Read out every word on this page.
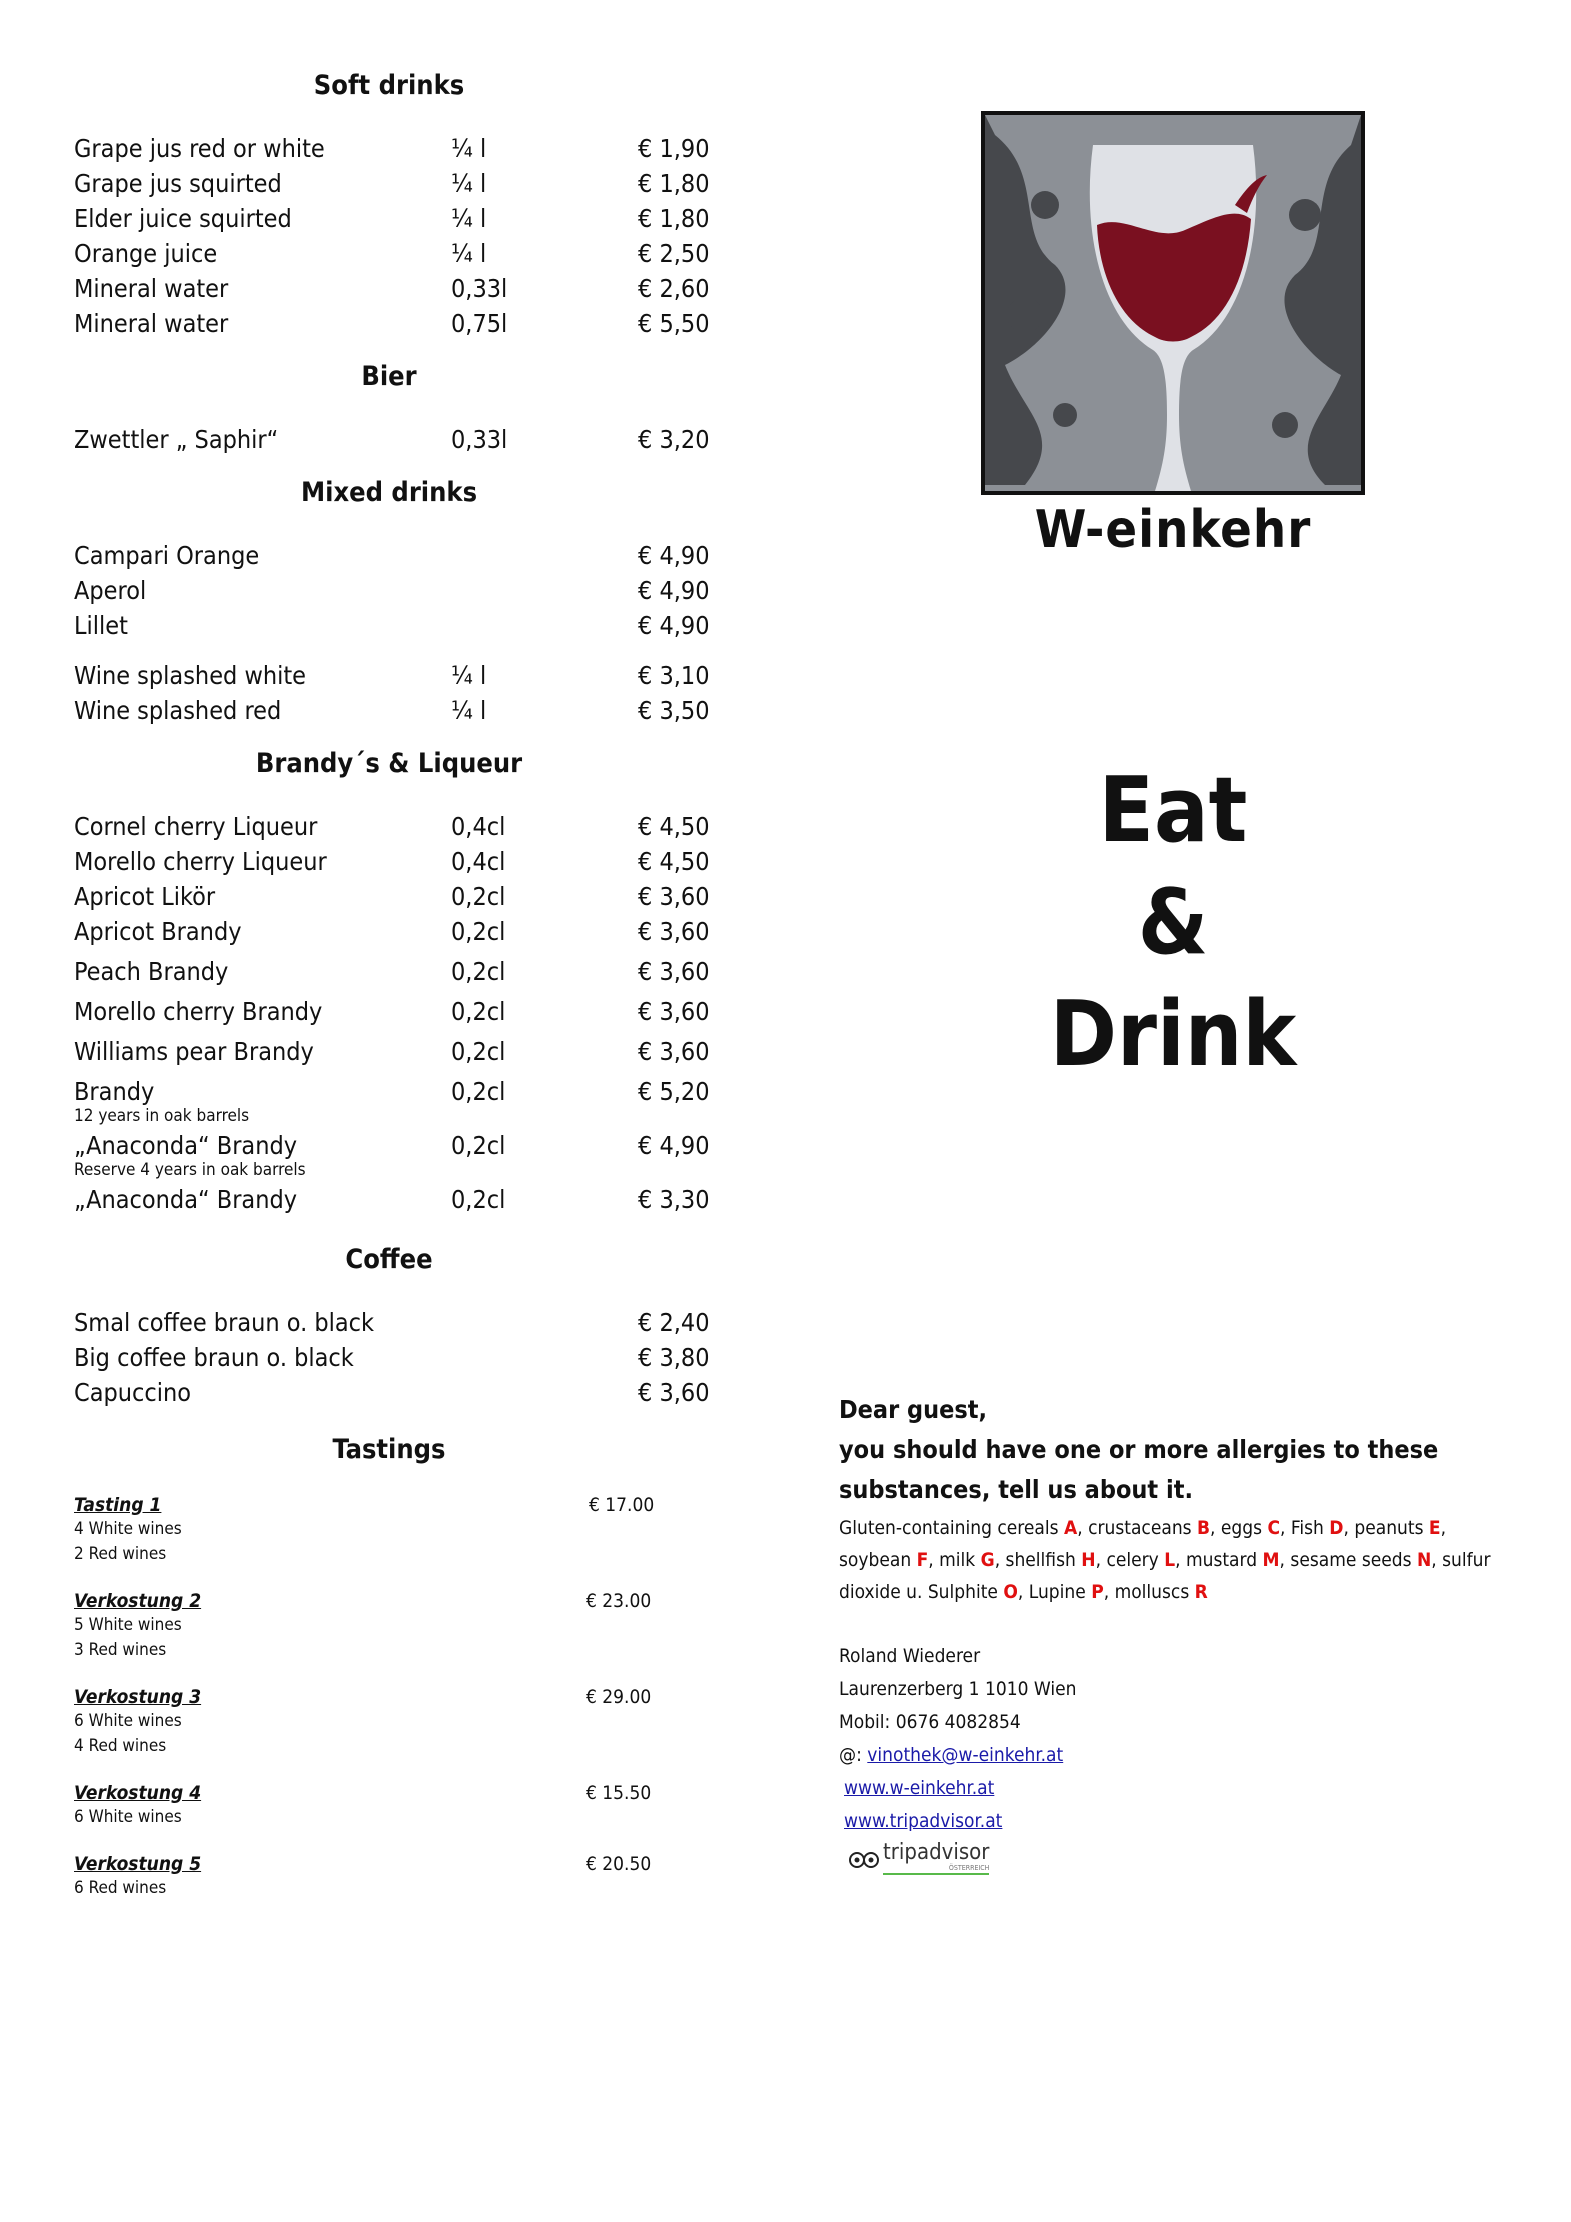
Soft drinks
Grape jus red or white	¼ l	€ 1,90
Grape jus squirted	¼ l	€ 1,80
Elder juice squirted	¼ l	€ 1,80
Orange juice	¼ l	€ 2,50
Mineral water	0,33l	€ 2,60
Mineral water	0,75l	€ 5,50
Bier
Zwettler „ Saphir“	0,33l	€ 3,20
Mixed drinks
Campari Orange	€ 4,90
Aperol	€ 4,90
Lillet	€ 4,90
Wine splashed white	¼ l	€ 3,10
Wine splashed red	¼ l	€ 3,50
Brandy´s & Liqueur
Cornel cherry Liqueur	0,4cl	€ 4,50
Morello cherry Liqueur	0,4cl	€ 4,50
Apricot Likör	0,2cl	€ 3,60
Apricot Brandy	0,2cl	€ 3,60
Peach Brandy	0,2cl	€ 3,60
Morello cherry Brandy	0,2cl	€ 3,60
Williams pear Brandy	0,2cl	€ 3,60
Brandy	0,2cl	€ 5,20
12 years in oak barrels
„Anaconda“ Brandy	0,2cl	€ 4,90
Reserve 4 years in oak barrels
„Anaconda“ Brandy	0,2cl	€ 3,30
Coffee
Smal coffee braun o. black	€ 2,40
Big coffee braun o. black	€ 3,80
Capuccino	€ 3,60
Tastings
Tasting 1	€ 17.00
4 White wines
2 Red wines
Verkostung 2	€ 23.00
5 White wines
3 Red wines
Verkostung 3	€ 29.00
6 White wines
4 Red wines
Verkostung 4	€ 15.50
6 White wines
Verkostung 5	€ 20.50
6 Red wines
W-einkehr
Eat
&
Drink
Dear guest,
you should have one or more allergies to these substances, tell us about it.
Gluten-containing cereals A, crustaceans B, eggs C, Fish D, peanuts E, soybean F, milk G, shellfish H, celery L, mustard M, sesame seeds N, sulfur dioxide u. Sulphite O, Lupine P, molluscs R
Roland Wiederer
Laurenzerberg 1 1010 Wien
Mobil: 0676 4082854
@: vinothek@w-einkehr.at
www.w-einkehr.at
www.tripadvisor.at
tripadvisor
ÖSTERREICH
